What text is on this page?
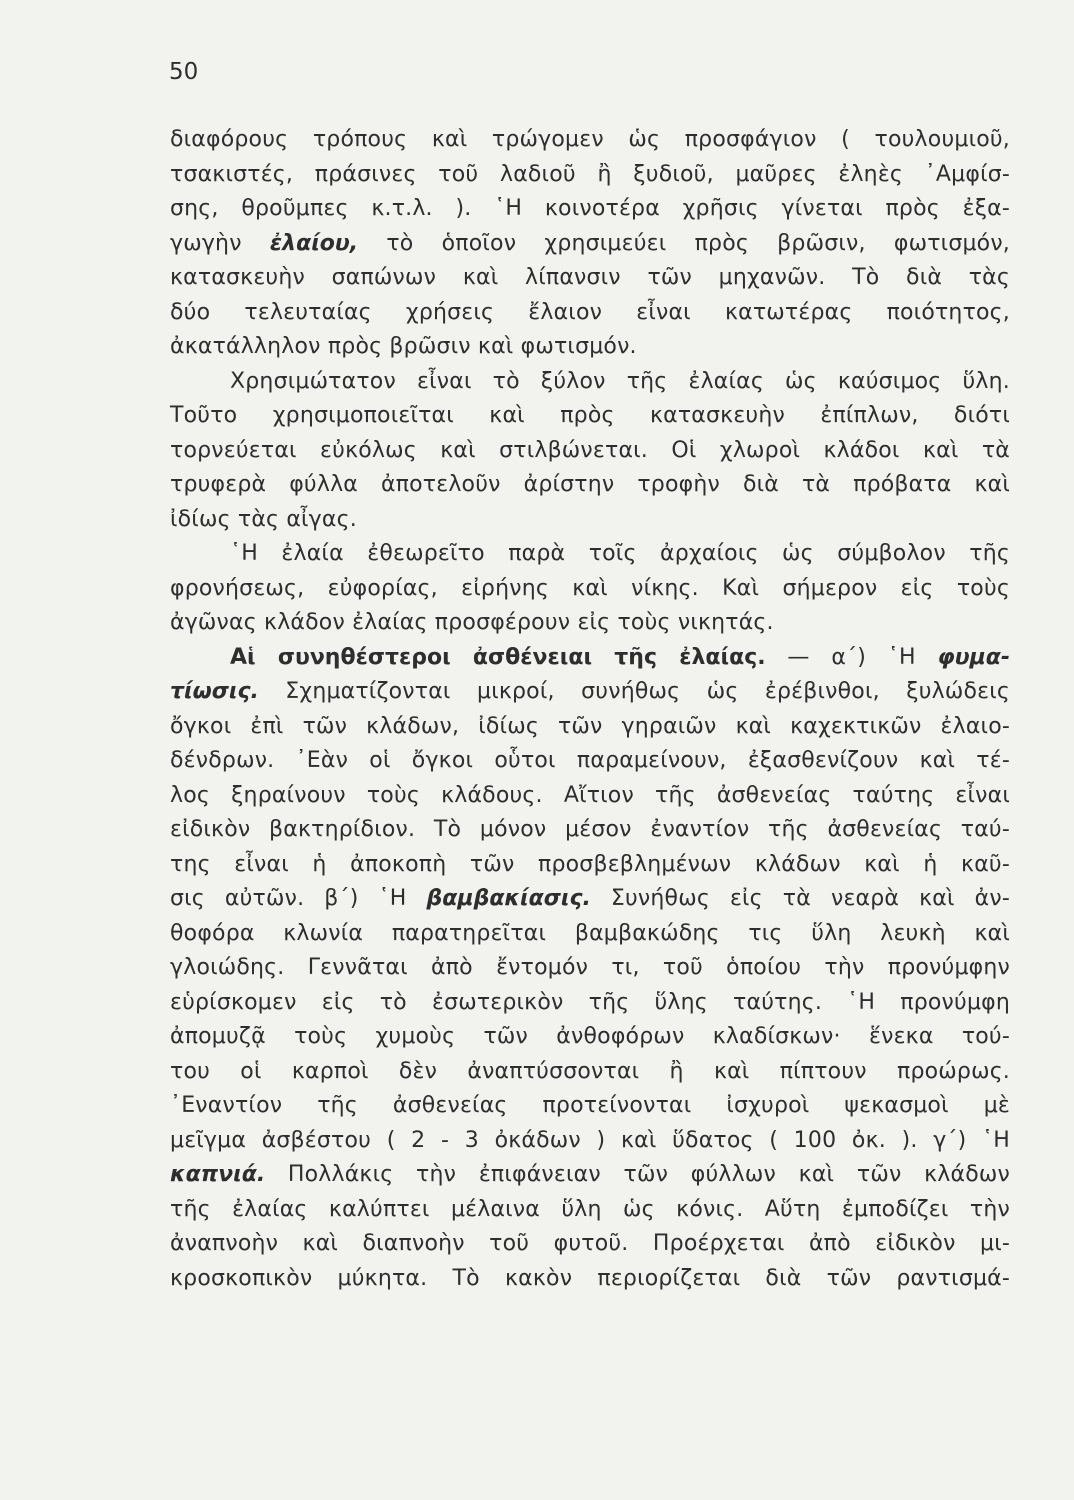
50
διαφόρους τρόπους καὶ τρώγομεν ὡς προσφάγιον ( τουλουμιοῦ,
τσακιστές, πράσινες τοῦ λαδιοῦ ἢ ξυδιοῦ, μαῦρες ἐληὲς ᾿Αμφίσ-
σης, θροῦμπες κ.τ.λ. ). ῾Η κοινοτέρα χρῆσις γίνεται πρὸς ἐξα-
γωγὴν ἐλαίου, τὸ ὁποῖον χρησιμεύει πρὸς βρῶσιν, φωτισμόν,
κατασκευὴν σαπώνων καὶ λίπανσιν τῶν μηχανῶν. Τὸ διὰ τὰς
δύο τελευταίας χρήσεις ἔλαιον εἶναι κατωτέρας ποιότητος,
ἀκατάλληλον πρὸς βρῶσιν καὶ φωτισμόν.
Χρησιμώτατον εἶναι τὸ ξύλον τῆς ἐλαίας ὡς καύσιμος ὕλη.
Τοῦτο χρησιμοποιεῖται καὶ πρὸς κατασκευὴν ἐπίπλων, διότι
τορνεύεται εὐκόλως καὶ στιλβώνεται. Οἱ χλωροὶ κλάδοι καὶ τὰ
τρυφερὰ φύλλα ἀποτελοῦν ἀρίστην τροφὴν διὰ τὰ πρόβατα καὶ
ἰδίως τὰς αἶγας.
῾Η ἐλαία ἐθεωρεῖτο παρὰ τοῖς ἀρχαίοις ὡς σύμβολον τῆς
φρονήσεως, εὐφορίας, εἰρήνης καὶ νίκης. Καὶ σήμερον εἰς τοὺς
ἀγῶνας κλάδον ἐλαίας προσφέρουν εἰς τοὺς νικητάς.
Αἱ συνηθέστεροι ἀσθένειαι τῆς ἐλαίας. — α΄) ῾Η φυμα-
τίωσις. Σχηματίζονται μικροί, συνήθως ὡς ἐρέβινθοι, ξυλώδεις
ὄγκοι ἐπὶ τῶν κλάδων, ἰδίως τῶν γηραιῶν καὶ καχεκτικῶν ἐλαιο-
δένδρων. ᾿Εὰν οἱ ὄγκοι οὗτοι παραμείνουν, ἐξασθενίζουν καὶ τέ-
λος ξηραίνουν τοὺς κλάδους. Αἴτιον τῆς ἀσθενείας ταύτης εἶναι
εἰδικὸν βακτηρίδιον. Τὸ μόνον μέσον ἐναντίον τῆς ἀσθενείας ταύ-
της εἶναι ἡ ἀποκοπὴ τῶν προσβεβλημένων κλάδων καὶ ἡ καῦ-
σις αὐτῶν. β΄) ῾Η βαμβακίασις. Συνήθως εἰς τὰ νεαρὰ καὶ ἀν-
θοφόρα κλωνία παρατηρεῖται βαμβακώδης τις ὕλη λευκὴ καὶ
γλοιώδης. Γεννᾶται ἀπὸ ἔντομόν τι, τοῦ ὁποίου τὴν προνύμφην
εὑρίσκομεν εἰς τὸ ἐσωτερικὸν τῆς ὕλης ταύτης. ῾Η προνύμφη
ἀπομυζᾷ τοὺς χυμοὺς τῶν ἀνθοφόρων κλαδίσκων· ἕνεκα τού-
του οἱ καρποὶ δὲν ἀναπτύσσονται ἢ καὶ πίπτουν προώρως.
᾿Εναντίον τῆς ἀσθενείας προτείνονται ἰσχυροὶ ψεκασμοὶ μὲ
μεῖγμα ἀσβέστου ( 2 - 3 ὀκάδων ) καὶ ὕδατος ( 100 ὀκ. ). γ΄) ῾Η
καπνιά. Πολλάκις τὴν ἐπιφάνειαν τῶν φύλλων καὶ τῶν κλάδων
τῆς ἐλαίας καλύπτει μέλαινα ὕλη ὡς κόνις. Αὕτη ἐμποδίζει τὴν
ἀναπνοὴν καὶ διαπνοὴν τοῦ φυτοῦ. Προέρχεται ἀπὸ εἰδικὸν μι-
κροσκοπικὸν μύκητα. Τὸ κακὸν περιορίζεται διὰ τῶν ραντισμά-
